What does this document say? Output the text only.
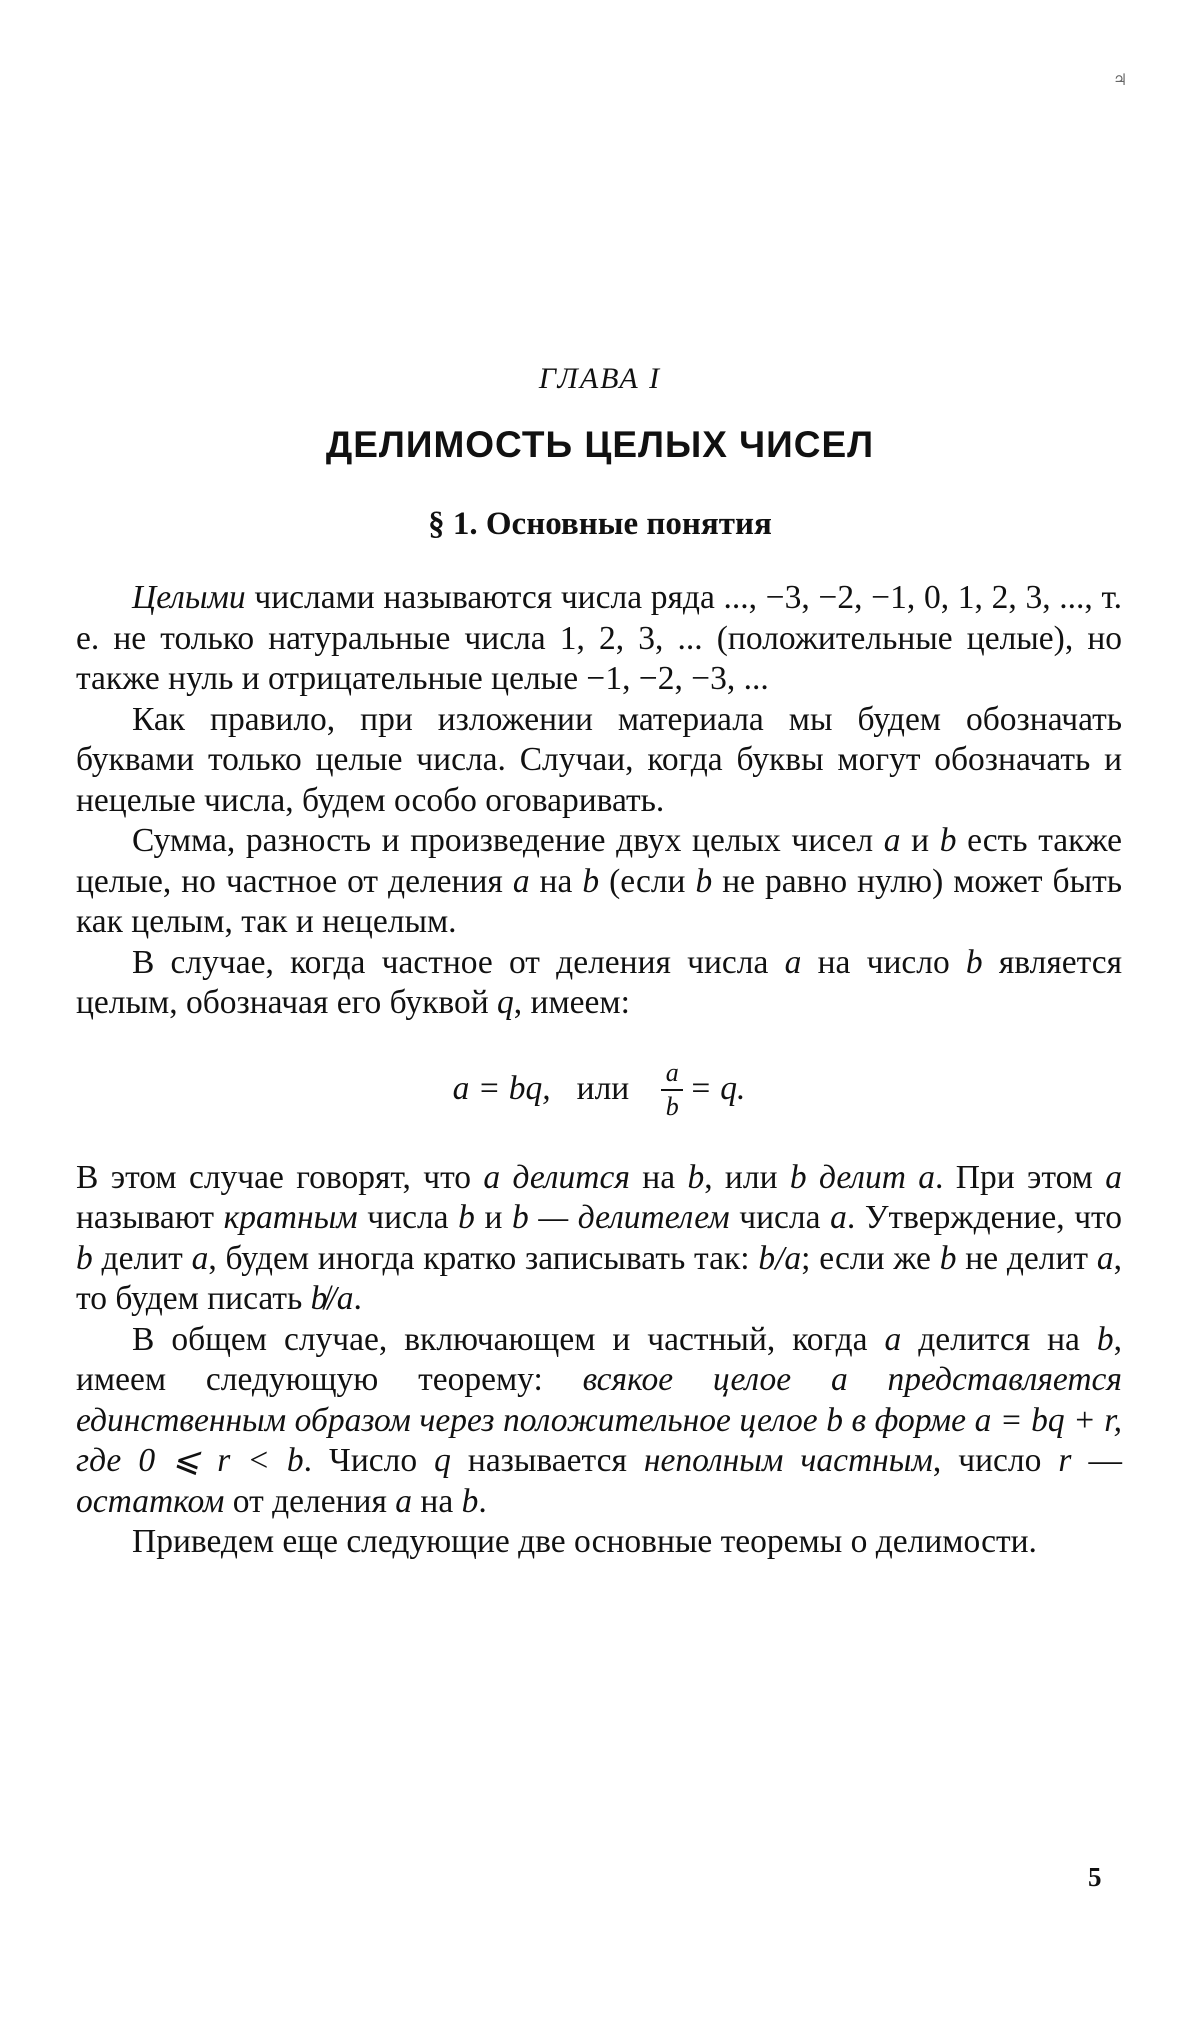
♃
ГЛАВА I
ДЕЛИМОСТЬ ЦЕЛЫХ ЧИСЕЛ
§ 1. Основные понятия

Целыми числами называются числа ряда ..., −3, −2, −1, 0, 1, 2, 3, ..., т. е. не только натуральные числа 1, 2, 3, ... (положительные целые), но также нуль и отрицательные целые −1, −2, −3, ...

Как правило, при изложении материала мы будем обозначать буквами только целые числа. Случаи, когда буквы могут обозначать и нецелые числа, будем особо оговаривать.

Сумма, разность и произведение двух целых чисел a и b есть также целые, но частное от деления a на b (если b не равно нулю) может быть как целым, так и нецелым.

В случае, когда частное от деления числа a на число b является целым, обозначая его буквой q, имеем:

a = bq, или $\frac{a}{b} = q$.

В этом случае говорят, что a делится на b, или b делит a. При этом a называют кратным числа b и b — делителем числа a. Утверждение, что b делит a, будем иногда кратко записывать так: b/a; если же b не делит a, то будем писать b̸/a.

В общем случае, включающем и частный, когда a делится на b, имеем следующую теорему: всякое целое a представляется единственным образом через положительное целое b в форме a = bq + r, где 0 ⩽ r < b. Число q называется неполным частным, число r — остатком от деления a на b.

Приведем еще следующие две основные теоремы о делимости.

5
